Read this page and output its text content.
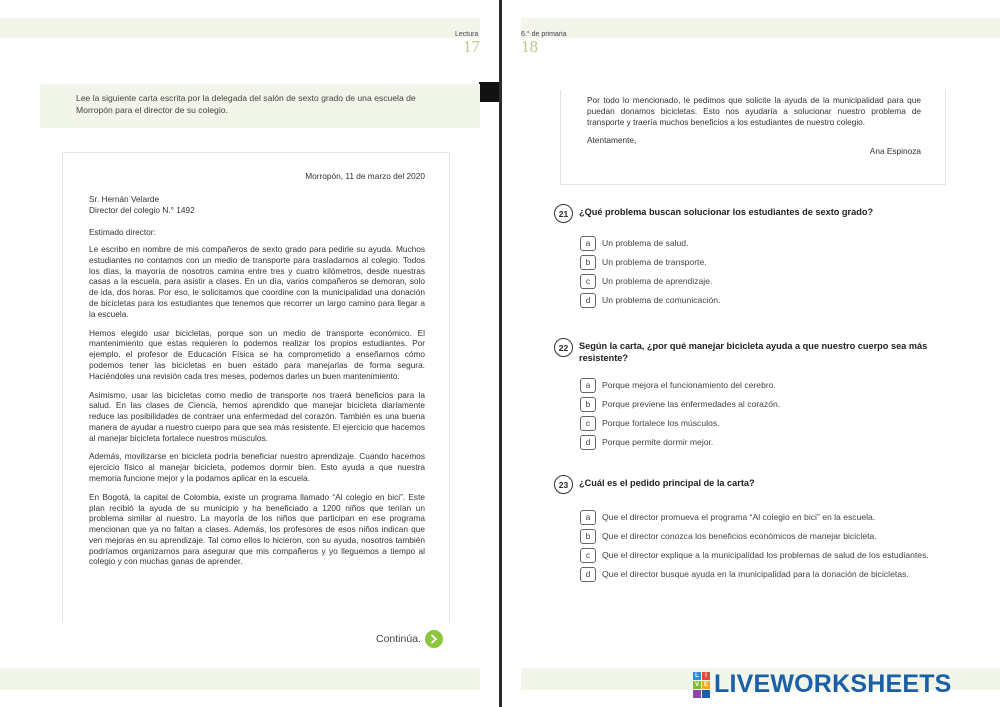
Lectura
17
Lee la siguiente carta escrita por la delegada del salón de sexto grado de una escuela de Morropón para el director de su colegio.

Morropón, 11 de marzo del 2020

Sr. Hernán Velarde

Director del colegio N.° 1492

Estimado director:

Le escribo en nombre de mis compañeros de sexto grado para pedirle su ayuda. Muchos estudiantes no contamos con un medio de transporte para trasladarnos al colegio. Todos los días, la mayoría de nosotros camina entre tres y cuatro kilómetros, desde nuestras casas a la escuela, para asistir a clases. En un día, varios compañeros se demoran, solo de ida, dos horas. Por eso, le solicitamos que coordine con la municipalidad una donación de bicicletas para los estudiantes que tenemos que recorrer un largo camino para llegar a la escuela.

Hemos elegido usar bicicletas, porque son un medio de transporte económico. El mantenimiento que estas requieren lo podemos realizar los propios estudiantes. Por ejemplo, el profesor de Educación Física se ha comprometido a enseñarnos cómo podemos tener las bicicletas en buen estado para manejarlas de forma segura. Haciéndoles una revisión cada tres meses, podemos darles un buen mantenimiento.

Asimismo, usar las bicicletas como medio de transporte nos traerá beneficios para la salud. En las clases de Ciencia, hemos aprendido que manejar bicicleta diariamente reduce las posibilidades de contraer una enfermedad del corazón. También es una buena manera de ayudar a nuestro cuerpo para que sea más resistente. El ejercicio que hacemos al manejar bicicleta fortalece nuestros músculos.

Además, movilizarse en bicicleta podría beneficiar nuestro aprendizaje. Cuando hacemos ejercicio físico al manejar bicicleta, podemos dormir bien. Esto ayuda a que nuestra memoria funcione mejor y la podamos aplicar en la escuela.

En Bogotá, la capital de Colombia, existe un programa llamado “Al colegio en bici”. Este plan recibió la ayuda de su municipio y ha beneficiado a 1200 niños que tenían un problema similar al nuestro. La mayoría de los niños que participan en ese programa mencionan que ya no faltan a clases. Además, los profesores de esos niños indican que ven mejoras en su aprendizaje. Tal como ellos lo hicieron, con su ayuda, nosotros también podríamos organizarnos para asegurar que mis compañeros y yo lleguemos a tiempo al colegio y con muchas ganas de aprender.

Continúa.
6.° de primaria
18

Por todo lo mencionado, le pedimos que solicite la ayuda de la municipalidad para que puedan donamos bicicletas. Esto nos ayudaría a solucionar nuestro problema de transporte y traería muchos beneficios a los estudiantes de nuestro colegio.

Atentamente,

Ana Espinoza

21	¿Qué problema buscan solucionar los estudiantes de sexto grado?
a	Un problema de salud.
b	Un problema de transporte.
c	Un problema de aprendizaje.
d	Un problema de comunicación.
22	Según la carta, ¿por qué manejar bicicleta ayuda a que nuestro cuerpo sea más resistente?
a	Porque mejora el funcionamiento del cerebro.
b	Porque previene las enfermedades al corazón.
c	Porque fortalece los músculos.
d	Porque permite dormir mejor.
23	¿Cuál es el pedido principal de la carta?
a	Que el director promueva el programa “Al colegio en bici” en la escuela.
b	Que el director conozca los beneficios económicos de manejar bicicleta.
c	Que el director explique a la municipalidad los problemas de salud de los estudiantes.
d	Que el director busque ayuda en la municipalidad para la donación de bicicletas.
L	I
V E LIVEWORKSHEETS
